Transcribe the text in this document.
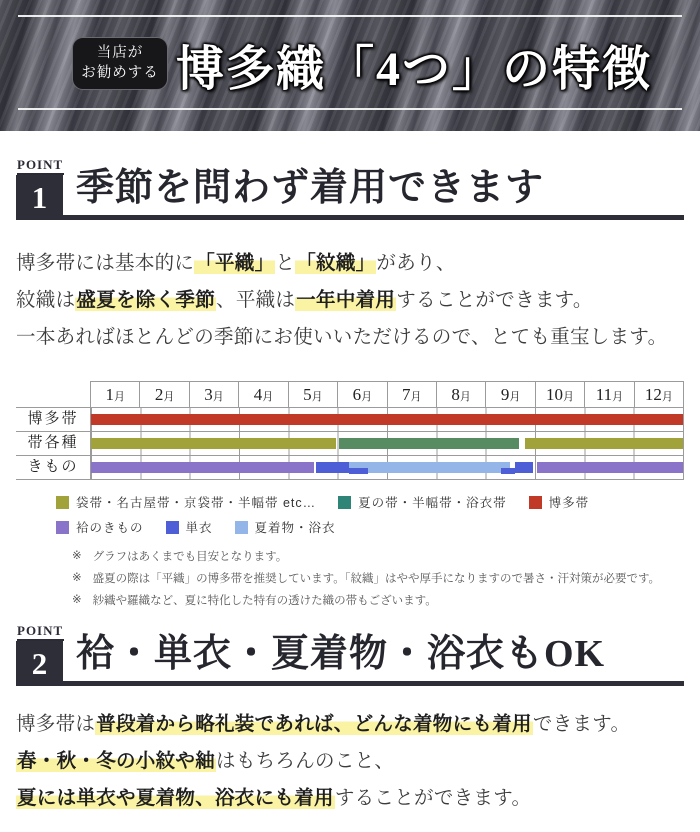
当店が
お勧めする 博多織「4つ」の特徴
POINT
1 季節を問わず着用できます

博多帯には基本的に「平織」と「紋織」があり、

紋織は盛夏を除く季節、平織は一年中着用することができます。

一本あればほとんどの季節にお使いいただけるので、とても重宝します。

1月	2月	3月	4月	5月	6月	7月	8月	9月	10月	11月	12月
博多帯
帯各種
きもの
袋帯・名古屋帯・京袋帯・半幅帯 etc…	夏の帯・半幅帯・浴衣帯	博多帯
袷のきもの	単衣	夏着物・浴衣
※ グラフはあくまでも目安となります。
※ 盛夏の際は「平織」の博多帯を推奨しています。「紋織」はやや厚手になりますので暑さ・汗対策が必要です。
※ 紗織や羅織など、夏に特化した特有の透けた織の帯もございます。
POINT
2 袷・単衣・夏着物・浴衣もOK

博多帯は普段着から略礼装であれば、どんな着物にも着用できます。

春・秋・冬の小紋や紬はもちろんのこと、

夏には単衣や夏着物、浴衣にも着用することができます。
